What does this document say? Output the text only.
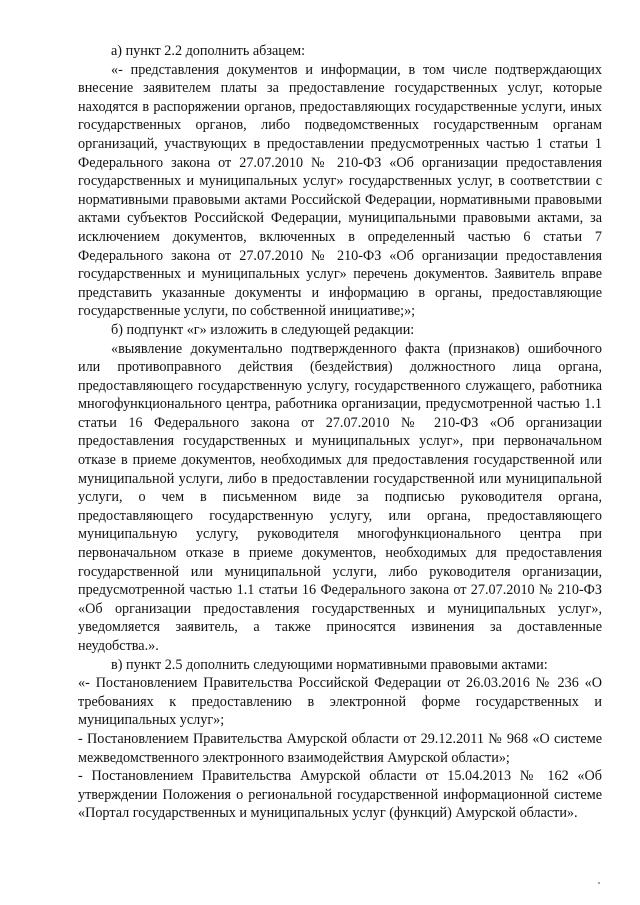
а) пункт 2.2 дополнить абзацем:

«- представления документов и информации, в том числе подтверждающих внесение заявителем платы за предоставление государственных услуг, которые находятся в распоряжении органов, предоставляющих государственные услуги, иных государственных органов, либо подведомственных государственным органам организаций, участвующих в предоставлении предусмотренных частью 1 статьи 1 Федерального закона от 27.07.2010 № 210-ФЗ «Об организации предоставления государственных и муниципальных услуг» государственных услуг, в соответствии с нормативными правовыми актами Российской Федерации, нормативными правовыми актами субъектов Российской Федерации, муниципальными правовыми актами, за исключением документов, включенных в определенный частью 6 статьи 7 Федерального закона от 27.07.2010 № 210-ФЗ «Об организации предоставления государственных и муниципальных услуг» перечень документов. Заявитель вправе представить указанные документы и информацию в органы, предоставляющие государственные услуги, по собственной инициативе;»;

б) подпункт «г» изложить в следующей редакции:

«выявление документально подтвержденного факта (признаков) ошибочного или противоправного действия (бездействия) должностного лица органа, предоставляющего государственную услугу, государственного служащего, работника многофункционального центра, работника организации, предусмотренной частью 1.1 статьи 16 Федерального закона от 27.07.2010 № 210-ФЗ «Об организации предоставления государственных и муниципальных услуг», при первоначальном отказе в приеме документов, необходимых для предоставления государственной или муниципальной услуги, либо в предоставлении государственной или муниципальной услуги, о чем в письменном виде за подписью руководителя органа, предоставляющего государственную услугу, или органа, предоставляющего муниципальную услугу, руководителя многофункционального центра при первоначальном отказе в приеме документов, необходимых для предоставления государственной или муниципальной услуги, либо руководителя организации, предусмотренной частью 1.1 статьи 16 Федерального закона от 27.07.2010 № 210-ФЗ «Об организации предоставления государственных и муниципальных услуг», уведомляется заявитель, а также приносятся извинения за доставленные неудобства.».

в) пункт 2.5 дополнить следующими нормативными правовыми актами:

«- Постановлением Правительства Российской Федерации от 26.03.2016 № 236 «О требованиях к предоставлению в электронной форме государственных и муниципальных услуг»;

- Постановлением Правительства Амурской области от 29.12.2011 № 968 «О системе межведомственного электронного взаимодействия Амурской области»;

- Постановлением Правительства Амурской области от 15.04.2013 № 162 «Об утверждении Положения о региональной государственной информационной системе «Портал государственных и муниципальных услуг (функций) Амурской области».
